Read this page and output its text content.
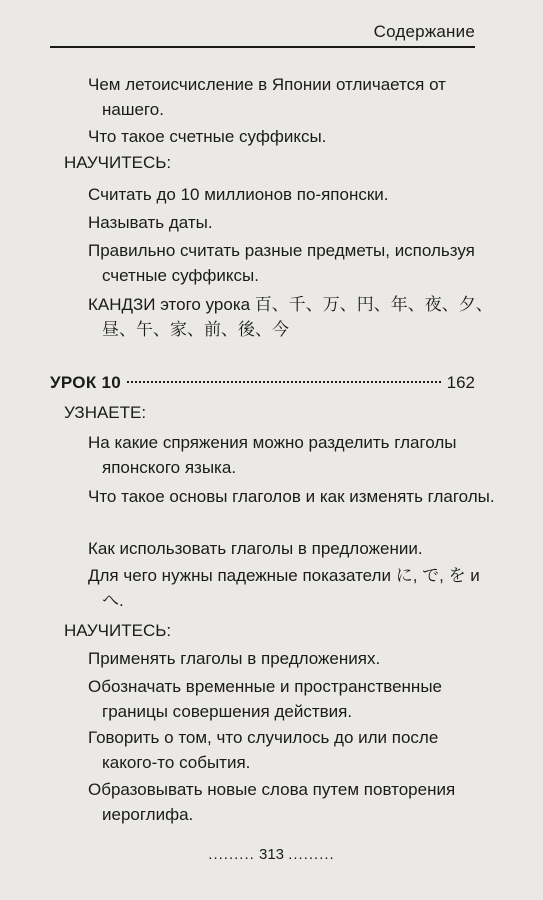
Содержание
Чем летоисчисление в Японии отличается от нашего.
Что такое счетные суффиксы.
НАУЧИТЕСЬ:
Считать до 10 миллионов по-японски.
Называть даты.
Правильно считать разные предметы, используя счетные суффиксы.
КАНДЗИ этого урока 百、千、万、円、年、夜、夕、昼、午、家、前、後、今
УРОК 10	162
УЗНАЕТЕ:
На какие спряжения можно разделить глаголы японского языка.
Что такое основы глаголов и как изменять глаголы.
Как использовать глаголы в предложении.
Для чего нужны падежные показатели に, で, を и へ.
НАУЧИТЕСЬ:
Применять глаголы в предложениях.
Обозначать временные и пространственные границы совершения действия.
Говорить о том, что случилось до или после какого-то события.
Образовывать новые слова путем повторения иероглифа.
......... 313 .........
